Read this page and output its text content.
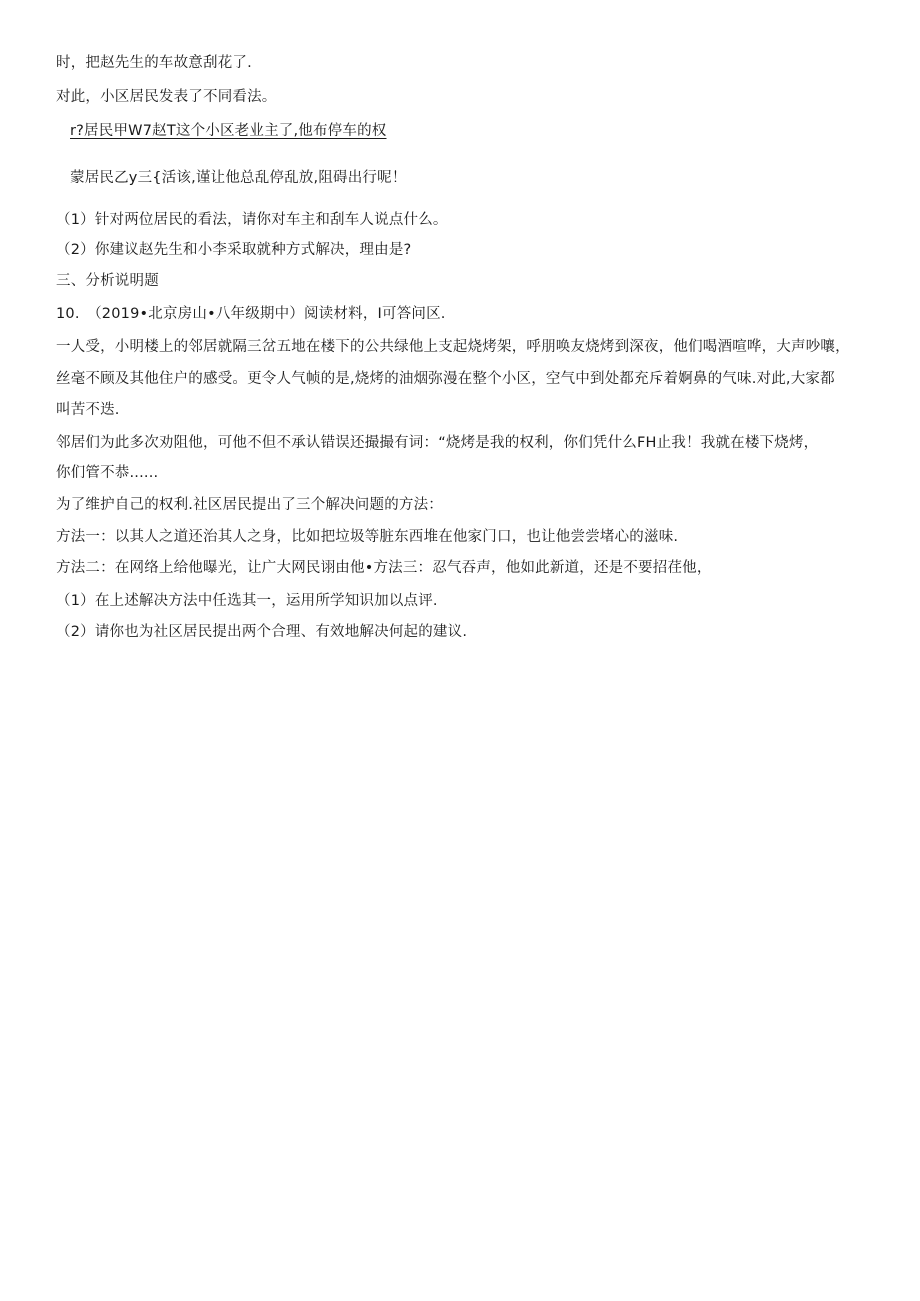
时，把赵先生的车故意刮花了.
对此，小区居民发表了不同看法。
r?居民甲W7赵T这个小区老业主了,他布停车的权
蒙居民乙y三{活该,谨让他总乱停乱放,阻碍出行呢！
（1）针对两位居民的看法，请你对车主和刮车人说点什么。
（2）你建议赵先生和小李采取就种方式解决，理由是?
三、分析说明题
10.　（2019•北京房山•八年级期中）阅读材料，I可答问区.
一人受，小明楼上的邻居就隔三岔五地在楼下的公共绿他上支起烧烤架，呼朋唤友烧烤到深夜，他们喝酒喧哗，大声吵嚷，
丝毫不顾及其他住户的感受。更令人气帧的是,烧烤的油烟弥漫在整个小区，空气中到处都充斥着婀鼻的气味.对此,大家都
叫苦不迭.
邻居们为此多次劝阻他，可他不但不承认错误还撮撮有词：“烧烤是我的权利，你们凭什么FH止我！我就在楼下烧烤，
你们管不恭......
为了维护自己的权利.社区居民提出了三个解决问题的方法：
方法一：以其人之道还治其人之身，比如把垃圾等脏东西堆在他家门口，也让他尝尝堵心的滋味.
方法二：在网络上给他曝光，让广大网民诩由他•方法三：忍气吞声，他如此新道，还是不要招荏他，
（1）在上述解决方法中任选其一，运用所学知识加以点评.
（2）请你也为社区居民提出两个合理、有效地解决何起的建议.
